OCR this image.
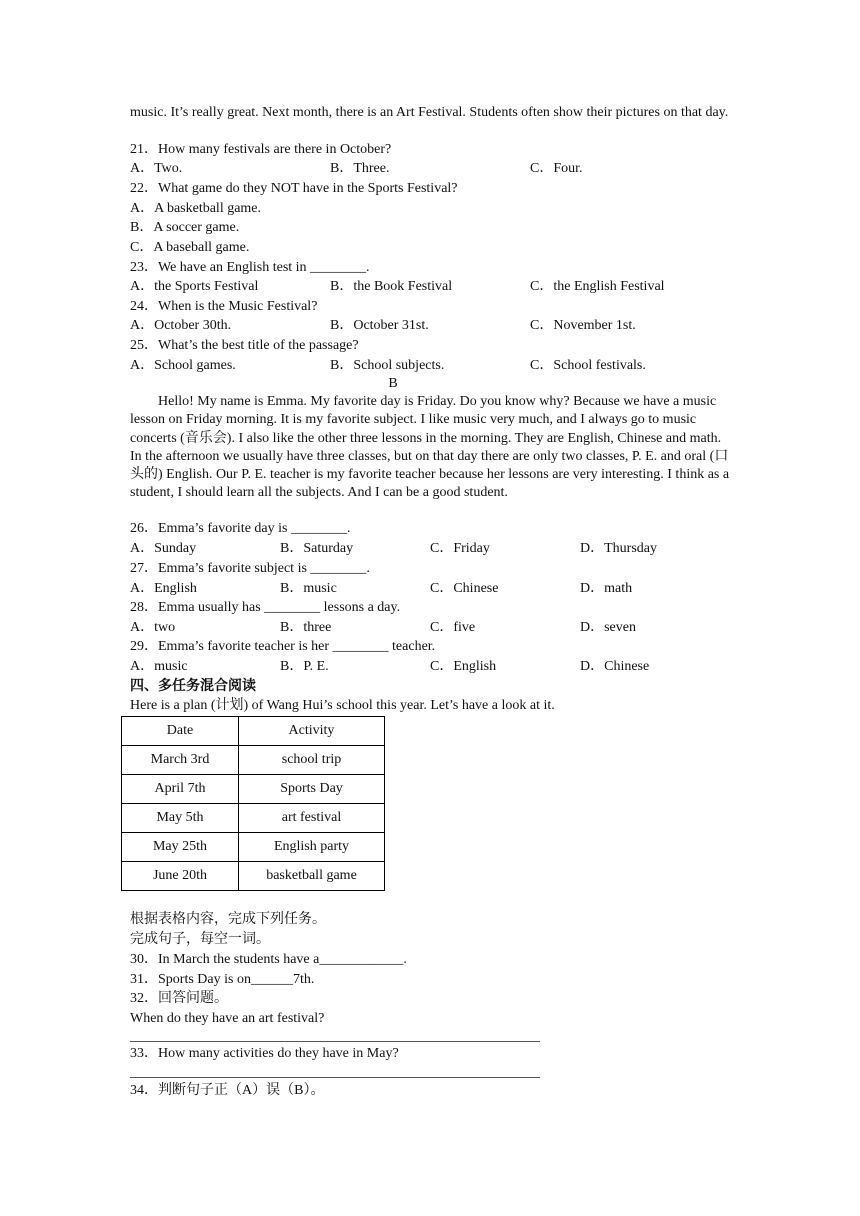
music. It’s really great. Next month, there is an Art Festival. Students often show their pictures on that day.
21．How many festivals are there in October?
A．Two.	B．Three.	C．Four.
22．What game do they NOT have in the Sports Festival?
A．A basketball game.
B．A soccer game.
C．A baseball game.
23．We have an English test in ________.
A．the Sports Festival	B．the Book Festival	C．the English Festival
24．When is the Music Festival?
A．October 30th.	B．October 31st.	C．November 1st.
25．What’s the best title of the passage?
A．School games.	B．School subjects.	C．School festivals.
B
Hello! My name is Emma. My favorite day is Friday. Do you know why? Because we have a music lesson on Friday morning. It is my favorite subject. I like music very much, and I always go to music concerts (音乐会). I also like the other three lessons in the morning. They are English, Chinese and math. In the afternoon we usually have three classes, but on that day there are only two classes, P. E. and oral (口头的) English. Our P. E. teacher is my favorite teacher because her lessons are very interesting. I think as a student, I should learn all the subjects. And I can be a good student.
26．Emma’s favorite day is ________.
A．Sunday	B．Saturday	C．Friday	D．Thursday
27．Emma’s favorite subject is ________.
A．English	B．music	C．Chinese	D．math
28．Emma usually has ________ lessons a day.
A．two	B．three	C．five	D．seven
29．Emma’s favorite teacher is her ________ teacher.
A．music	B．P. E.	C．English	D．Chinese
四、多任务混合阅读
Here is a plan (计划) of Wang Hui’s school this year. Let’s have a look at it.
Date	Activity
March 3rd	school trip
April 7th	Sports Day
May 5th	art festival
May 25th	English party
June 20th	basketball game
根据表格内容，完成下列任务。
完成句子，每空一词。
30．In March the students have a____________.
31．Sports Day is on______7th.
32．回答问题。
When do they have an art festival?
33．How many activities do they have in May?
34．判断句子正（A）误（B）。
